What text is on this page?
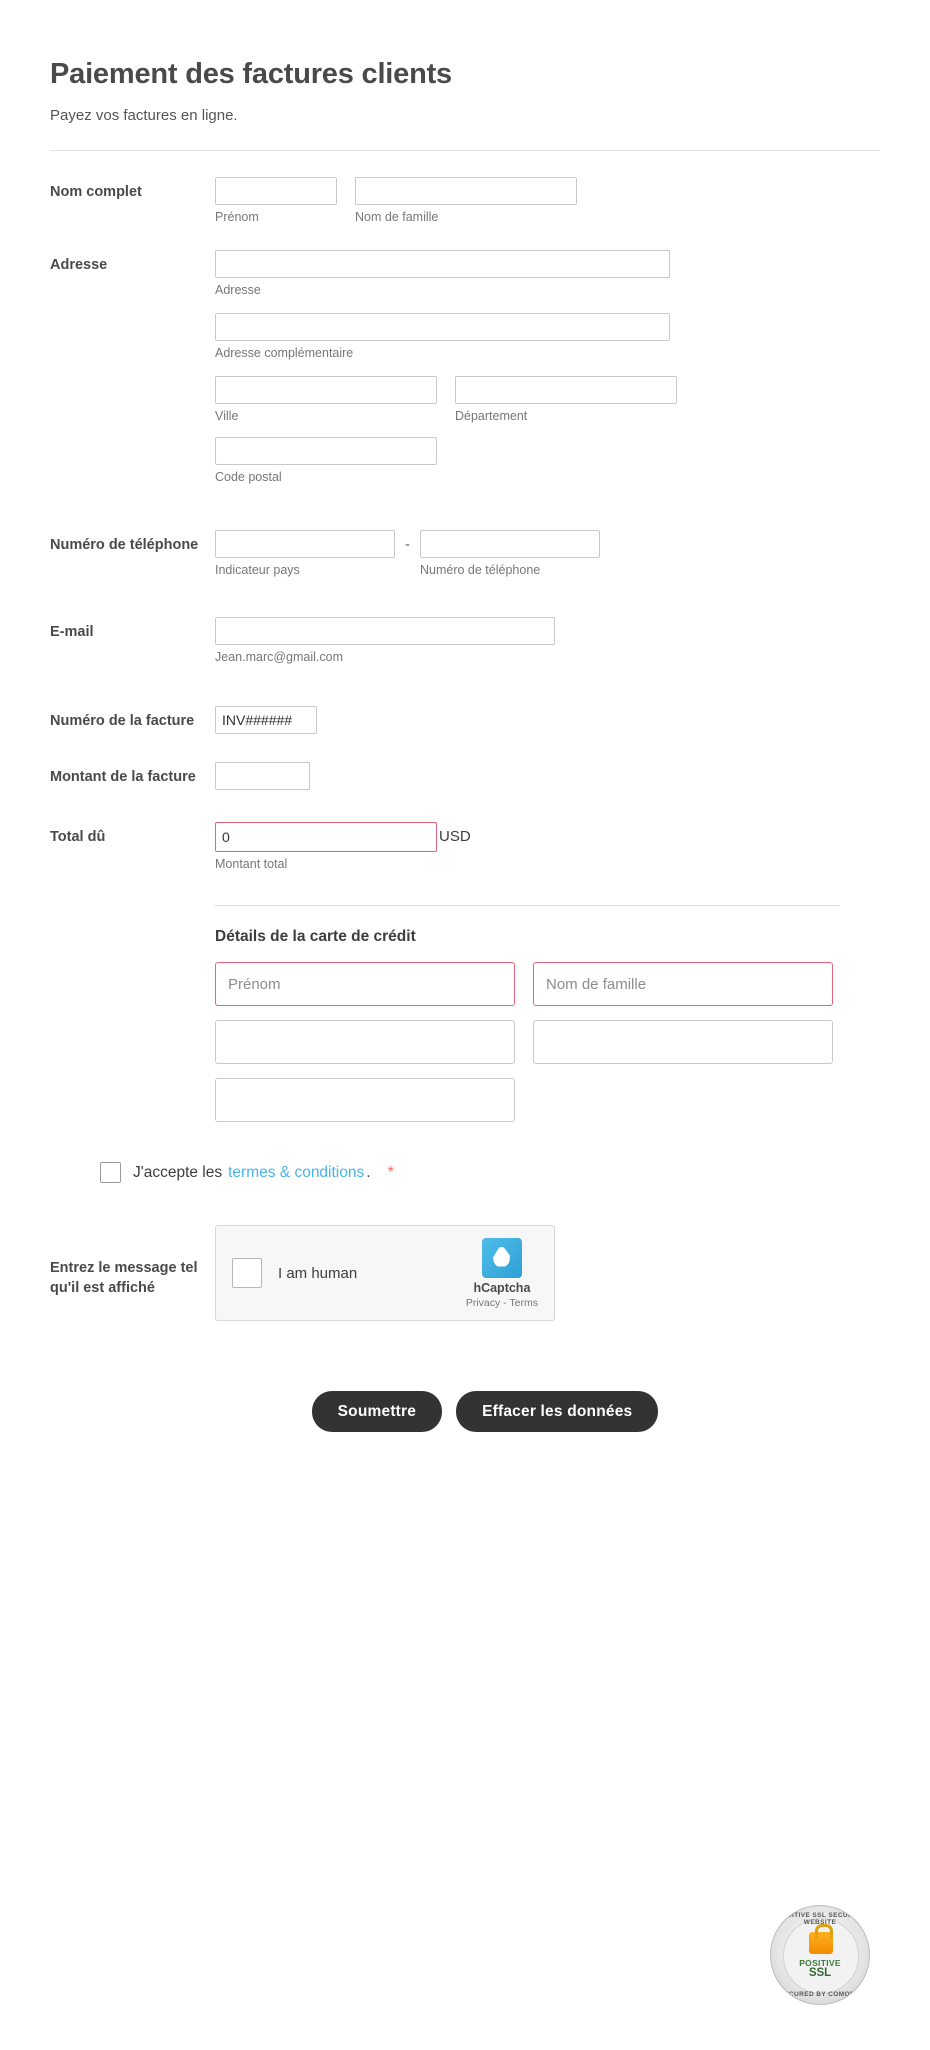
Paiement des factures clients
Payez vos factures en ligne.
Nom complet
Prénom	Nom de famille
Adresse
Adresse

Adresse complémentaire
Ville	Département
Code postal
Numéro de téléphone
Indicateur pays
-
Numéro de téléphone
E-mail
Jean.marc@gmail.com
Numéro de la facture
INV######
Montant de la facture
Total dû
0
Montant total
USD
Détails de la carte de crédit
Prénom
Nom de famille
J'accepte les termes & conditions . *
Entrez le message tel qu'il est affiché
I am human
hCaptcha
Privacy - Terms
Soumettre	Effacer les données
POSITIVE SSL SECURED WEBSITE
POSITIVE
SSL
SECURED BY COMODO
